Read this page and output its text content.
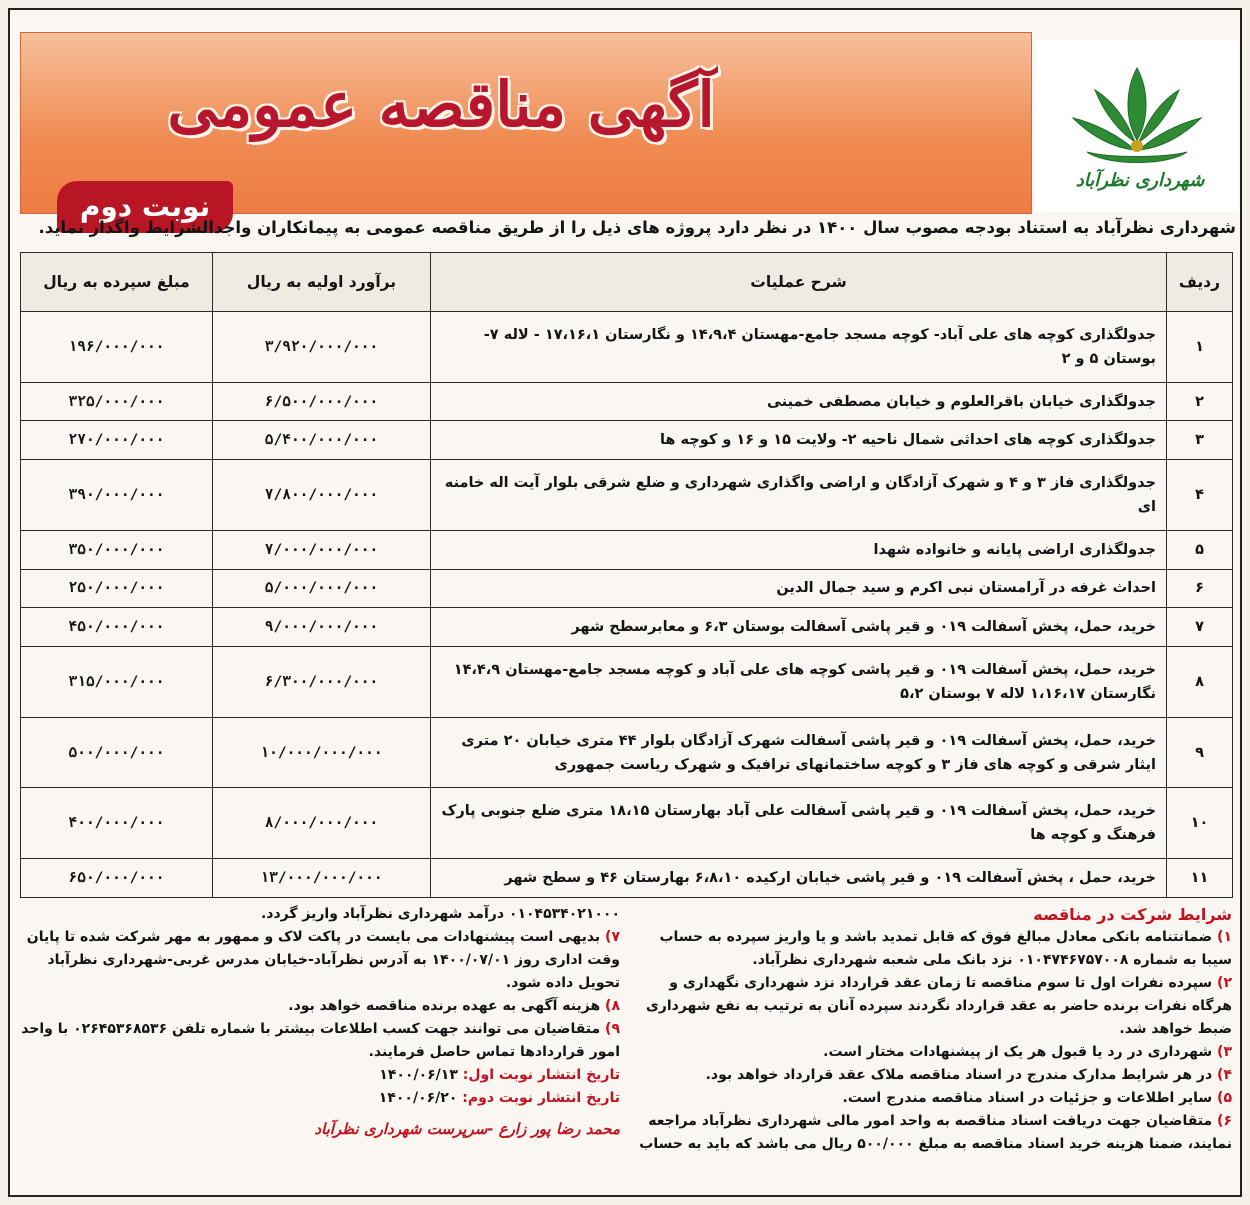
آگهی مناقصه عمومی
نوبت دوم
شهرداری نظرآباد
شهرداری نظرآباد به استناد بودجه مصوب سال ۱۴۰۰ در نظر دارد پروژه های ذیل را از طریق مناقصه عمومی به پیمانکاران واجدالشرایط واگذار نماید.
ردیف	شرح عملیات	برآورد اولیه به ریال	مبلغ سپرده به ریال
۱	جدولگذاری کوچه های علی آباد- کوچه مسجد جامع-مهستان ۱۴،۹،۴ و نگارستان ۱۷،۱۶،۱ - لاله ۷- بوستان ۵ و ۲	۳/۹۲۰/۰۰۰/۰۰۰	۱۹۶/۰۰۰/۰۰۰
۲	جدولگذاری خیابان باقرالعلوم و خیابان مصطفی خمینی	۶/۵۰۰/۰۰۰/۰۰۰	۳۲۵/۰۰۰/۰۰۰
۳	جدولگذاری کوچه های احداثی شمال ناحیه ۲- ولایت ۱۵ و ۱۶ و کوچه ها	۵/۴۰۰/۰۰۰/۰۰۰	۲۷۰/۰۰۰/۰۰۰
۴	جدولگذاری فاز ۳ و ۴ و شهرک آزادگان و اراضی واگذاری شهرداری و ضلع شرقی بلوار آیت اله خامنه ای	۷/۸۰۰/۰۰۰/۰۰۰	۳۹۰/۰۰۰/۰۰۰
۵	جدولگذاری اراضی پایانه و خانواده شهدا	۷/۰۰۰/۰۰۰/۰۰۰	۳۵۰/۰۰۰/۰۰۰
۶	احداث غرفه در آرامستان نبی اکرم و سید جمال الدین	۵/۰۰۰/۰۰۰/۰۰۰	۲۵۰/۰۰۰/۰۰۰
۷	خرید، حمل، پخش آسفالت ۰۱۹ و قیر پاشی آسفالت بوستان ۶،۳ و معابرسطح شهر	۹/۰۰۰/۰۰۰/۰۰۰	۴۵۰/۰۰۰/۰۰۰
۸	خرید، حمل، پخش آسفالت ۰۱۹ و قیر پاشی کوچه های علی آباد و کوچه مسجد جامع-مهستان ۱۴،۴،۹ نگارستان ۱،۱۶،۱۷ لاله ۷ بوستان ۵،۲	۶/۳۰۰/۰۰۰/۰۰۰	۳۱۵/۰۰۰/۰۰۰
۹	خرید، حمل، پخش آسفالت ۰۱۹ و قیر پاشی آسفالت شهرک آزادگان بلوار ۴۴ متری خیابان ۲۰ متری ایثار شرقی و کوچه های فاز ۳ و کوچه ساختمانهای ترافیک و شهرک ریاست جمهوری	۱۰/۰۰۰/۰۰۰/۰۰۰	۵۰۰/۰۰۰/۰۰۰
۱۰	خرید، حمل، پخش آسفالت ۰۱۹ و قیر پاشی آسفالت علی آباد بهارستان ۱۸،۱۵ متری ضلع جنوبی پارک فرهنگ و کوچه ها	۸/۰۰۰/۰۰۰/۰۰۰	۴۰۰/۰۰۰/۰۰۰
۱۱	خرید، حمل ، پخش آسفالت ۰۱۹ و قیر پاشی خیابان ارکیده ۶،۸،۱۰ بهارستان ۴۶ و سطح شهر	۱۳/۰۰۰/۰۰۰/۰۰۰	۶۵۰/۰۰۰/۰۰۰

شرایط شرکت در مناقصه

۱) ضمانتنامه بانکی معادل مبالغ فوق که قابل تمدید باشد و یا واریز سپرده به حساب سیبا به شماره ۰۱۰۴۷۴۶۷۵۷۰۰۸ نزد بانک ملی شعبه شهرداری نظرآباد.

۲) سپرده نفرات اول تا سوم مناقصه تا زمان عقد قرارداد نزد شهرداری نگهداری و هرگاه نفرات برنده حاضر به عقد قرارداد نگردند سپرده آنان به ترتیب به نفع شهرداری ضبط خواهد شد.

۳) شهرداری در رد یا قبول هر یک از پیشنهادات مختار است.

۴) در هر شرایط مدارک مندرج در اسناد مناقصه ملاک عقد قرارداد خواهد بود.

۵) سایر اطلاعات و جزئیات در اسناد مناقصه مندرج است.

۶) متقاضیان جهت دریافت اسناد مناقصه به واحد امور مالی شهرداری نظرآباد مراجعه نمایند، ضمنا هزینه خرید اسناد مناقصه به مبلغ ۵۰۰/۰۰۰ ریال می باشد که باید به حساب

۰۱۰۴۵۳۴۰۲۱۰۰۰ درآمد شهرداری نظرآباد واریز گردد.

۷) بدیهی است پیشنهادات می بایست در پاکت لاک و ممهور به مهر شرکت شده تا پایان وقت اداری روز ۱۴۰۰/۰۷/۰۱ به آدرس نظرآباد-خیابان مدرس غربی-شهرداری نظرآباد تحویل داده شود.

۸) هزینه آگهی به عهده برنده مناقصه خواهد بود.

۹) متقاضیان می توانند جهت کسب اطلاعات بیشتر با شماره تلفن ۰۲۶۴۵۳۶۸۵۳۶ با واحد امور قراردادها تماس حاصل فرمایند.

تاریخ انتشار نوبت اول: ۱۴۰۰/۰۶/۱۳

تاریخ انتشار نوبت دوم: ۱۴۰۰/۰۶/۲۰

محمد رضا پور زارع -سرپرست شهرداری نظرآباد
